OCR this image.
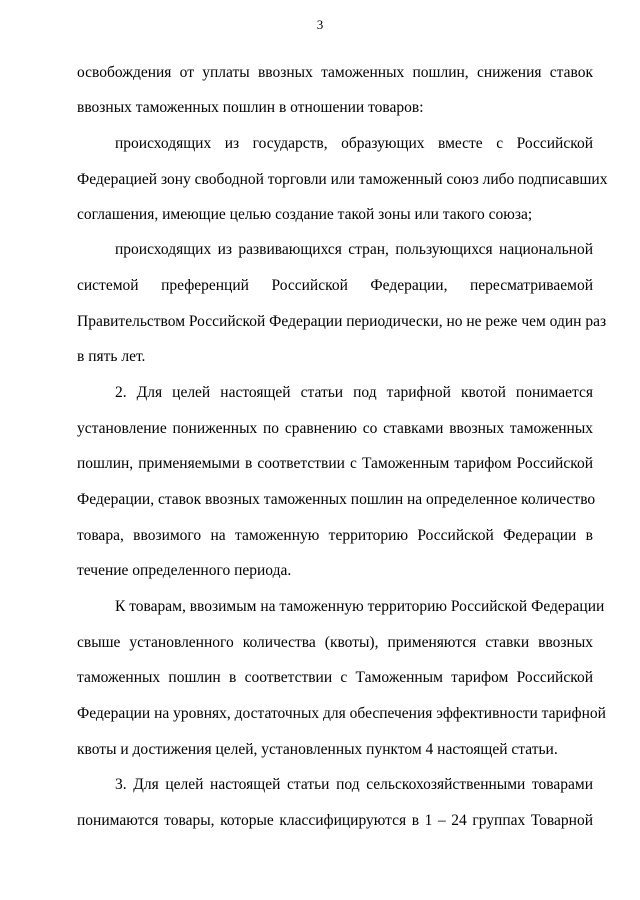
3
освобождения от уплаты ввозных таможенных пошлин, снижения ставок
ввозных таможенных пошлин в отношении товаров:
происходящих из государств, образующих вместе с Российской
Федерацией зону свободной торговли или таможенный союз либо подписавших
соглашения, имеющие целью создание такой зоны или такого союза;
происходящих из развивающихся стран, пользующихся национальной
системой преференций Российской Федерации, пересматриваемой
Правительством Российской Федерации периодически, но не реже чем один раз
в пять лет.
2. Для целей настоящей статьи под тарифной квотой понимается
установление пониженных по сравнению со ставками ввозных таможенных
пошлин, применяемыми в соответствии с Таможенным тарифом Российской
Федерации, ставок ввозных таможенных пошлин на определенное количество
товара, ввозимого на таможенную территорию Российской Федерации в
течение определенного периода.
К товарам, ввозимым на таможенную территорию Российской Федерации
свыше установленного количества (квоты), применяются ставки ввозных
таможенных пошлин в соответствии с Таможенным тарифом Российской
Федерации на уровнях, достаточных для обеспечения эффективности тарифной
квоты и достижения целей, установленных пунктом 4 настоящей статьи.
3. Для целей настоящей статьи под сельскохозяйственными товарами
понимаются товары, которые классифицируются в 1 – 24 группах Товарной
